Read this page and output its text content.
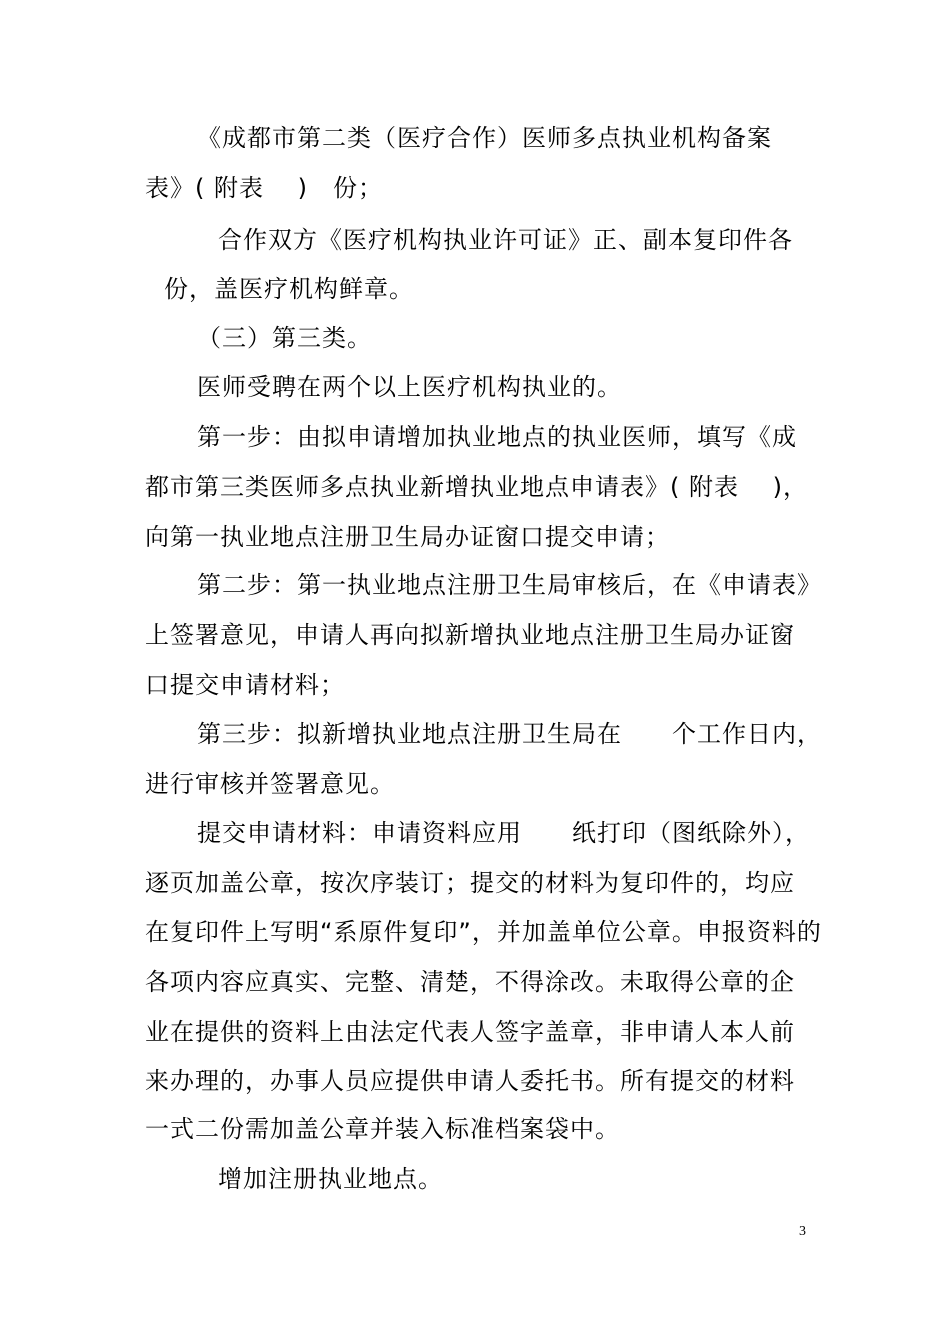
《成都市第二类（医疗合作）医师多点执业机构备案
表》( 附表　 )　份；
合作双方《医疗机构执业许可证》正、副本复印件各
份，盖医疗机构鲜章。
（三）第三类。
医师受聘在两个以上医疗机构执业的。
第一步：由拟申请增加执业地点的执业医师，填写《成
都市第三类医师多点执业新增执业地点申请表》( 附表　 )，
向第一执业地点注册卫生局办证窗口提交申请；
第二步：第一执业地点注册卫生局审核后，在《申请表》
上签署意见，申请人再向拟新增执业地点注册卫生局办证窗
口提交申请材料；
第三步：拟新增执业地点注册卫生局在　　个工作日内，
进行审核并签署意见。
提交申请材料：申请资料应用　　纸打印（图纸除外），
逐页加盖公章，按次序装订；提交的材料为复印件的，均应
在复印件上写明“系原件复印”，并加盖单位公章。申报资料的
各项内容应真实、完整、清楚，不得涂改。未取得公章的企
业在提供的资料上由法定代表人签字盖章，非申请人本人前
来办理的，办事人员应提供申请人委托书。所有提交的材料
一式二份需加盖公章并装入标准档案袋中。
增加注册执业地点。
3
